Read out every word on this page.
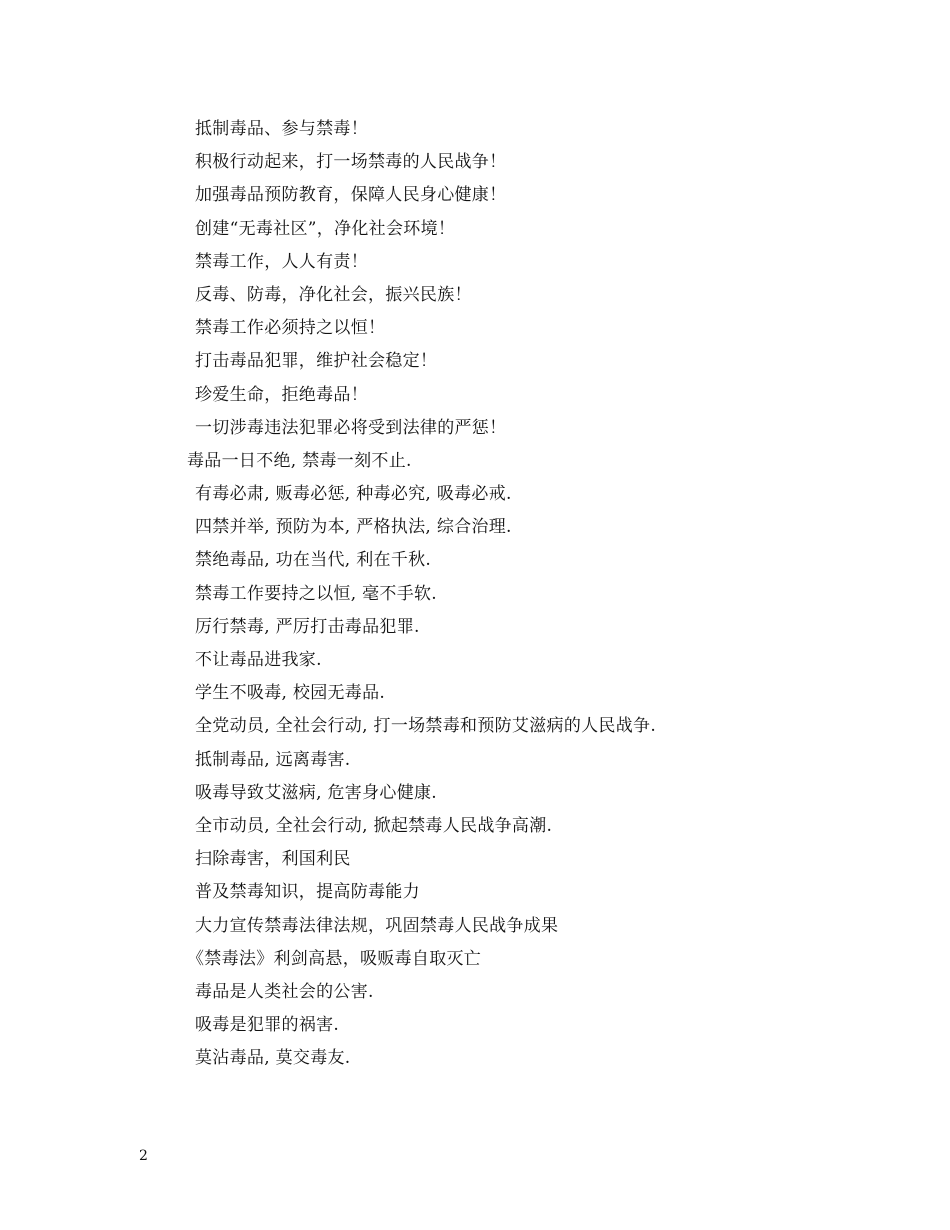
抵制毒品、参与禁毒！
积极行动起来，打一场禁毒的人民战争！
加强毒品预防教育，保障人民身心健康！
创建“无毒社区”，净化社会环境！
禁毒工作，人人有责！
反毒、防毒，净化社会，振兴民族！
禁毒工作必须持之以恒！
打击毒品犯罪，维护社会稳定！
珍爱生命，拒绝毒品！
一切涉毒违法犯罪必将受到法律的严惩！
毒品一日不绝, 禁毒一刻不止.
有毒必肃, 贩毒必惩, 种毒必究, 吸毒必戒.
四禁并举, 预防为本, 严格执法, 综合治理.
禁绝毒品, 功在当代, 利在千秋.
禁毒工作要持之以恒, 毫不手软.
厉行禁毒, 严厉打击毒品犯罪.
不让毒品进我家.
学生不吸毒, 校园无毒品.
全党动员, 全社会行动, 打一场禁毒和预防艾滋病的人民战争.
抵制毒品, 远离毒害.
吸毒导致艾滋病, 危害身心健康.
全市动员, 全社会行动, 掀起禁毒人民战争高潮.
扫除毒害，利国利民
普及禁毒知识，提高防毒能力
大力宣传禁毒法律法规，巩固禁毒人民战争成果
《禁毒法》利剑高悬，吸贩毒自取灭亡
毒品是人类社会的公害.
吸毒是犯罪的祸害.
莫沾毒品, 莫交毒友.
2
